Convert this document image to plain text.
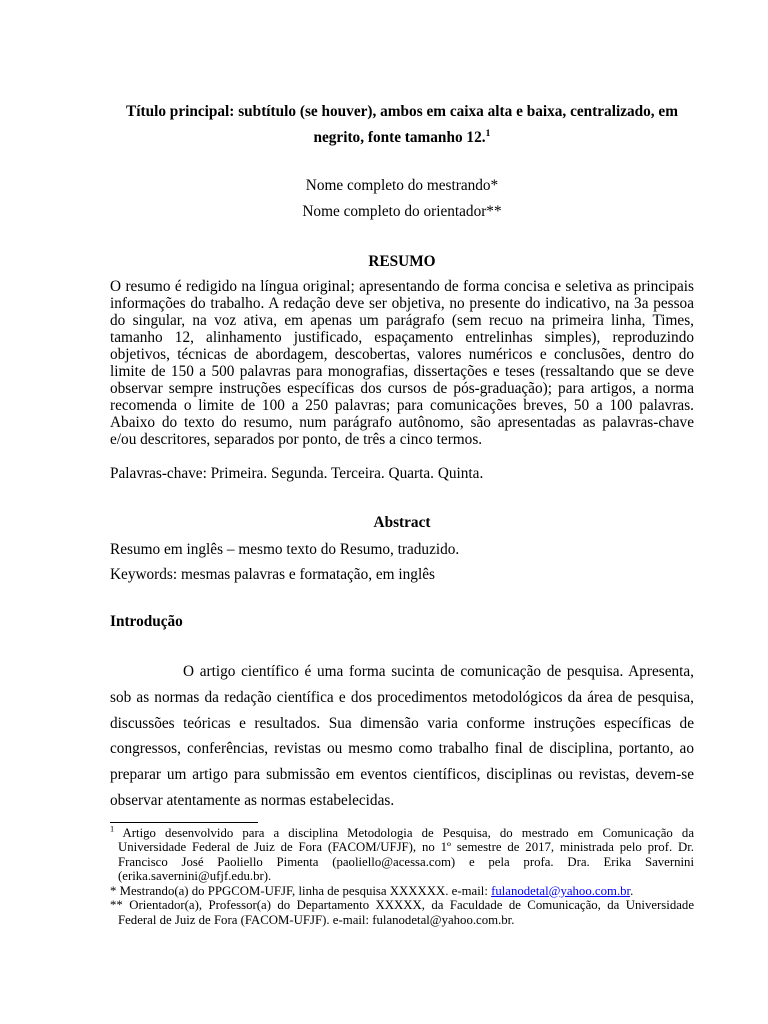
Título principal: subtítulo (se houver), ambos em caixa alta e baixa, centralizado, em
negrito, fonte tamanho 12.$^1$
Nome completo do mestrando*
Nome completo do orientador**
RESUMO
O resumo é redigido na língua original; apresentando de forma concisa e seletiva as principais
informações do trabalho. A redação deve ser objetiva, no presente do indicativo, na 3a pessoa
do singular, na voz ativa, em apenas um parágrafo (sem recuo na primeira linha, Times,
tamanho 12, alinhamento justificado, espaçamento entrelinhas simples), reproduzindo
objetivos, técnicas de abordagem, descobertas, valores numéricos e conclusões, dentro do
limite de 150 a 500 palavras para monografias, dissertações e teses (ressaltando que se deve
observar sempre instruções específicas dos cursos de pós-graduação); para artigos, a norma
recomenda o limite de 100 a 250 palavras; para comunicações breves, 50 a 100 palavras.
Abaixo do texto do resumo, num parágrafo autônomo, são apresentadas as palavras-chave
e/ou descritores, separados por ponto, de três a cinco termos.
Palavras-chave: Primeira. Segunda. Terceira. Quarta. Quinta.
Abstract
Resumo em inglês – mesmo texto do Resumo, traduzido.
Keywords: mesmas palavras e formatação, em inglês
Introdução
O artigo científico é uma forma sucinta de comunicação de pesquisa. Apresenta,
sob as normas da redação científica e dos procedimentos metodológicos da área de pesquisa,
discussões teóricas e resultados. Sua dimensão varia conforme instruções específicas de
congressos, conferências, revistas ou mesmo como trabalho final de disciplina, portanto, ao
preparar um artigo para submissão em eventos científicos, disciplinas ou revistas, devem-se
observar atentamente as normas estabelecidas.
$^1$ Artigo desenvolvido para a disciplina Metodologia de Pesquisa, do mestrado em Comunicação da
Universidade Federal de Juiz de Fora (FACOM/UFJF), no 1º semestre de 2017, ministrada pelo prof. Dr.
Francisco José Paoliello Pimenta (paoliello@acessa.com) e pela profa. Dra. Erika Savernini
(erika.savernini@ufjf.edu.br).
* Mestrando(a) do PPGCOM-UFJF, linha de pesquisa XXXXXX. e-mail: fulanodetal@yahoo.com.br.
** Orientador(a), Professor(a) do Departamento XXXXX, da Faculdade de Comunicação, da Universidade
Federal de Juiz de Fora (FACOM-UFJF). e-mail: fulanodetal@yahoo.com.br.
